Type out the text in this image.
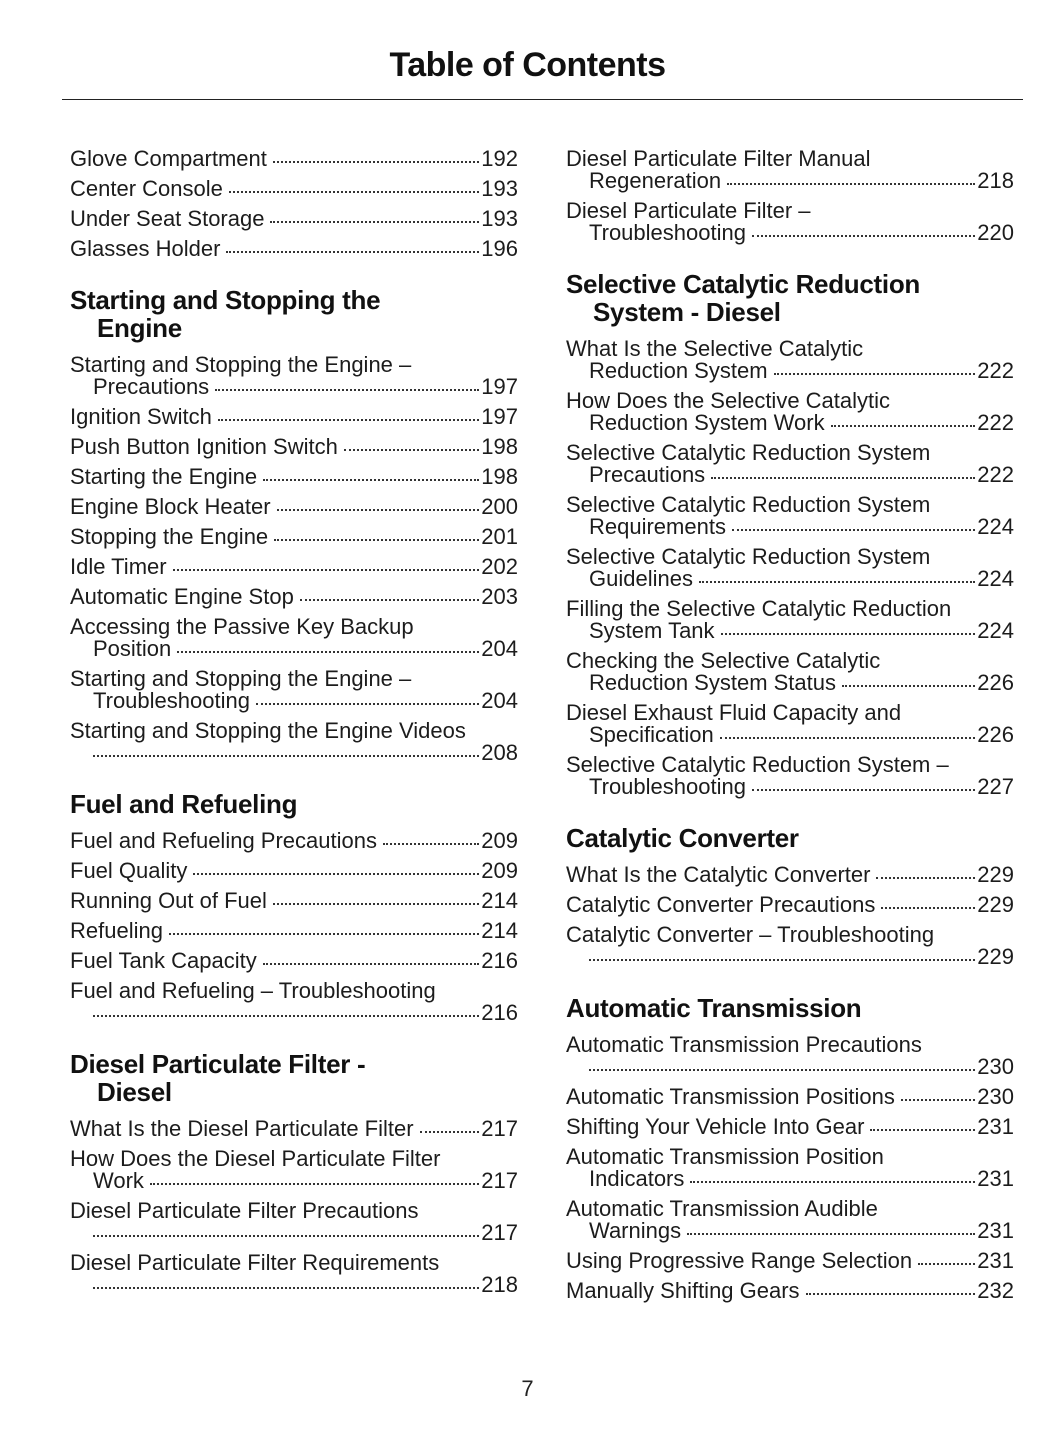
Table of Contents
Glove Compartment	192
Center Console	193
Under Seat Storage	193
Glasses Holder	196
Starting and Stopping the
Engine
Starting and Stopping the Engine –
Precautions	197
Ignition Switch	197
Push Button Ignition Switch	198
Starting the Engine	198
Engine Block Heater	200
Stopping the Engine	201
Idle Timer	202
Automatic Engine Stop	203
Accessing the Passive Key Backup
Position	204
Starting and Stopping the Engine –
Troubleshooting	204
Starting and Stopping the Engine Videos
208
Fuel and Refueling
Fuel and Refueling Precautions	209
Fuel Quality	209
Running Out of Fuel	214
Refueling	214
Fuel Tank Capacity	216
Fuel and Refueling – Troubleshooting
216
Diesel Particulate Filter -
Diesel
What Is the Diesel Particulate Filter	217
How Does the Diesel Particulate Filter
Work	217
Diesel Particulate Filter Precautions
217
Diesel Particulate Filter Requirements
218
Diesel Particulate Filter Manual
Regeneration	218
Diesel Particulate Filter –
Troubleshooting	220
Selective Catalytic Reduction
System - Diesel
What Is the Selective Catalytic
Reduction System	222
How Does the Selective Catalytic
Reduction System Work	222
Selective Catalytic Reduction System
Precautions	222
Selective Catalytic Reduction System
Requirements	224
Selective Catalytic Reduction System
Guidelines	224
Filling the Selective Catalytic Reduction
System Tank	224
Checking the Selective Catalytic
Reduction System Status	226
Diesel Exhaust Fluid Capacity and
Specification	226
Selective Catalytic Reduction System –
Troubleshooting	227
Catalytic Converter
What Is the Catalytic Converter	229
Catalytic Converter Precautions	229
Catalytic Converter – Troubleshooting
229
Automatic Transmission
Automatic Transmission Precautions
230
Automatic Transmission Positions	230
Shifting Your Vehicle Into Gear	231
Automatic Transmission Position
Indicators	231
Automatic Transmission Audible
Warnings	231
Using Progressive Range Selection	231
Manually Shifting Gears	232
7
